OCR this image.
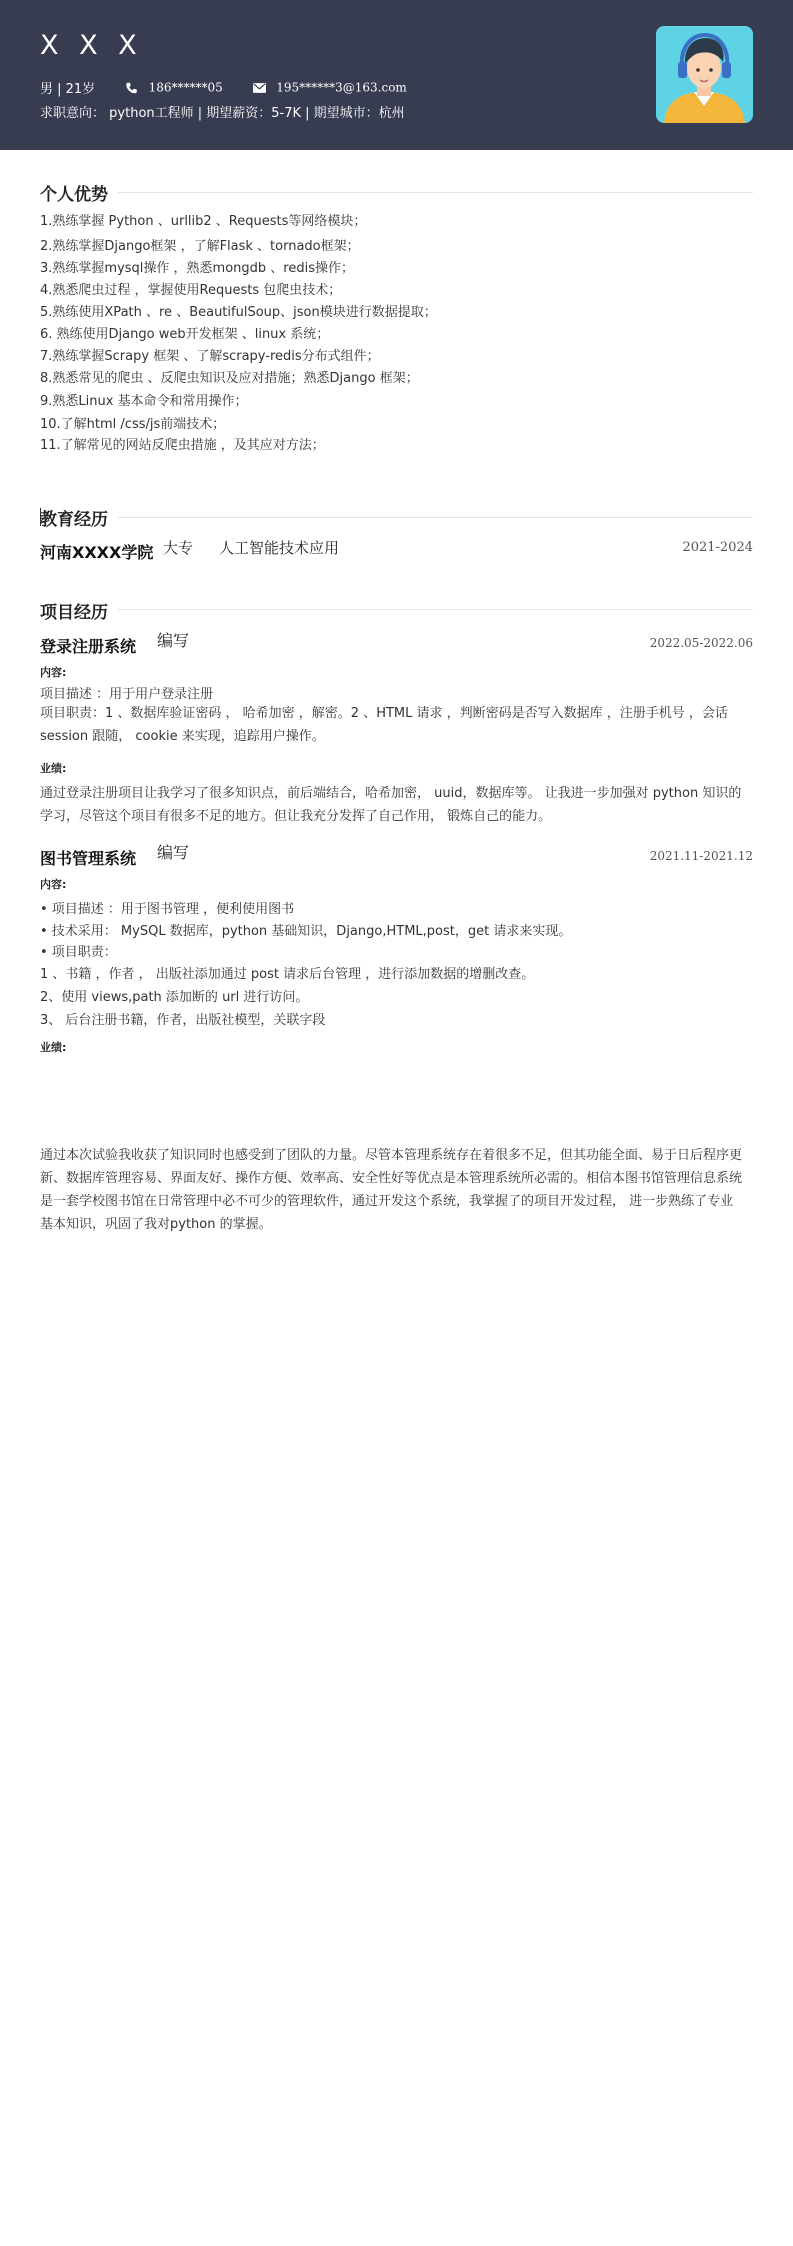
X X X
男 | 21岁	186******05	195******3@163.com
求职意向： python工程师 | 期望薪资：5-7K | 期望城市：杭州
个人优势
1.熟练掌握 Python 、urllib2 、Requests等网络模块；
2.熟练掌握Django框架 ，了解Flask 、tornado框架；
3.熟练掌握mysql操作 ，熟悉mongdb 、redis操作；
4.熟悉爬虫过程 ，掌握使用Requests 包爬虫技术；
5.熟练使用XPath 、re 、BeautifulSoup、json模块进行数据提取；
6. 熟练使用Django web开发框架 、linux 系统；
7.熟练掌握Scrapy 框架 、了解scrapy-redis分布式组件；
8.熟悉常见的爬虫 、反爬虫知识及应对措施；熟悉Django 框架；
9.熟悉Linux 基本命令和常用操作；
10.了解html /css/js前端技术；
11.了解常见的网站反爬虫措施 ，及其应对方法；
教育经历
河南XXXX学院 大专 人工智能技术应用	2021-2024
项目经历
登录注册系统 编写	2022.05-2022.06
内容:
项目描述 ：用于用户登录注册
项目职责：1 、数据库验证密码 ， 哈希加密 ，解密。2 、HTML 请求 ，判断密码是否写入数据库 ，注册手机号 ，会话 session 跟随， cookie 来实现，追踪用户操作。
业绩:
通过登录注册项目让我学习了很多知识点，前后端结合，哈希加密， uuid，数据库等。 让我进一步加强对 python 知识的学习，尽管这个项目有很多不足的地方。但让我充分发挥了自己作用， 锻炼自己的能力。
图书管理系统 编写	2021.11-2021.12
内容:
• 项目描述 ：用于图书管理 ，便利使用图书
• 技术采用： MySQL 数据库，python 基础知识，Django,HTML,post，get 请求来实现。
• 项目职责：
1 、书籍 ，作者 ， 出版社添加通过 post 请求后台管理 ，进行添加数据的增删改查。
2、使用 views,path 添加断的 url 进行访问。
3、 后台注册书籍，作者，出版社模型，关联字段
业绩:
通过本次试验我收获了知识同时也感受到了团队的力量。尽管本管理系统存在着很多不足，但其功能全面、易于日后程序更新、数据库管理容易、界面友好、操作方便、效率高、安全性好等优点是本管理系统所必需的。相信本图书馆管理信息系统是一套学校图书馆在日常管理中必不可少的管理软件，通过开发这个系统，我掌握了的项目开发过程， 进一步熟练了专业基本知识，巩固了我对python 的掌握。
